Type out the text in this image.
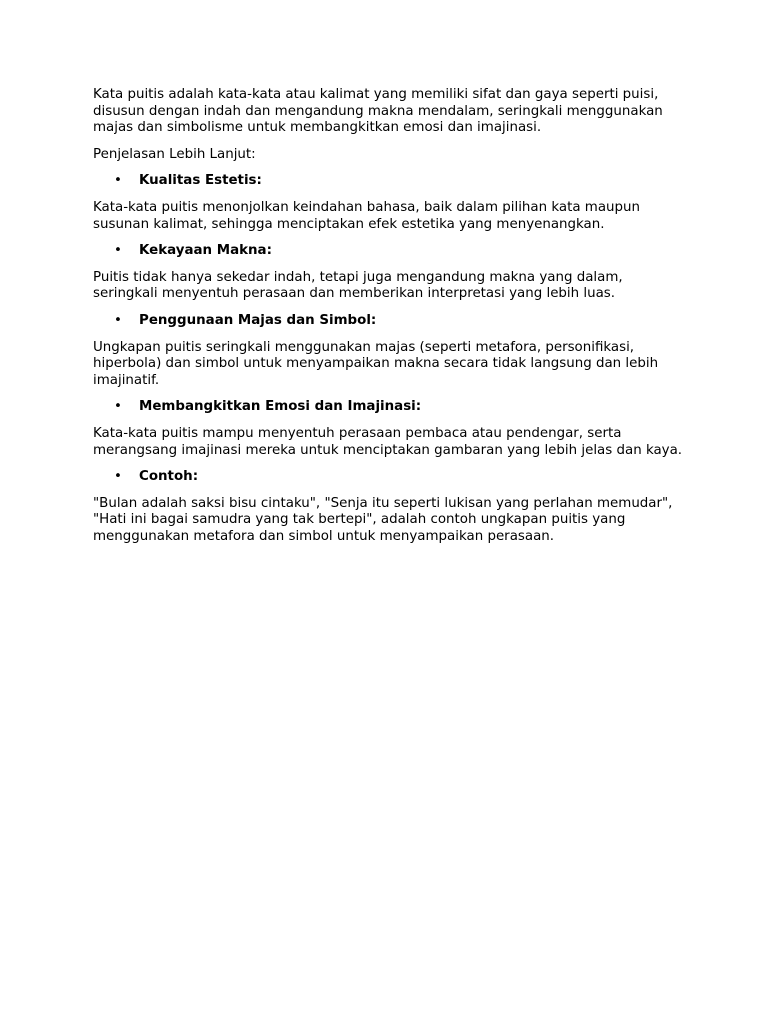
Kata puitis adalah kata-kata atau kalimat yang memiliki sifat dan gaya seperti puisi, disusun dengan indah dan mengandung makna mendalam, seringkali menggunakan majas dan simbolisme untuk membangkitkan emosi dan imajinasi.

Penjelasan Lebih Lanjut:

• Kualitas Estetis:

Kata-kata puitis menonjolkan keindahan bahasa, baik dalam pilihan kata maupun susunan kalimat, sehingga menciptakan efek estetika yang menyenangkan.

• Kekayaan Makna:

Puitis tidak hanya sekedar indah, tetapi juga mengandung makna yang dalam, seringkali menyentuh perasaan dan memberikan interpretasi yang lebih luas.

• Penggunaan Majas dan Simbol:

Ungkapan puitis seringkali menggunakan majas (seperti metafora, personifikasi, hiperbola) dan simbol untuk menyampaikan makna secara tidak langsung dan lebih imajinatif.

• Membangkitkan Emosi dan Imajinasi:

Kata-kata puitis mampu menyentuh perasaan pembaca atau pendengar, serta merangsang imajinasi mereka untuk menciptakan gambaran yang lebih jelas dan kaya.

• Contoh:

"Bulan adalah saksi bisu cintaku", "Senja itu seperti lukisan yang perlahan memudar", "Hati ini bagai samudra yang tak bertepi", adalah contoh ungkapan puitis yang menggunakan metafora dan simbol untuk menyampaikan perasaan.
